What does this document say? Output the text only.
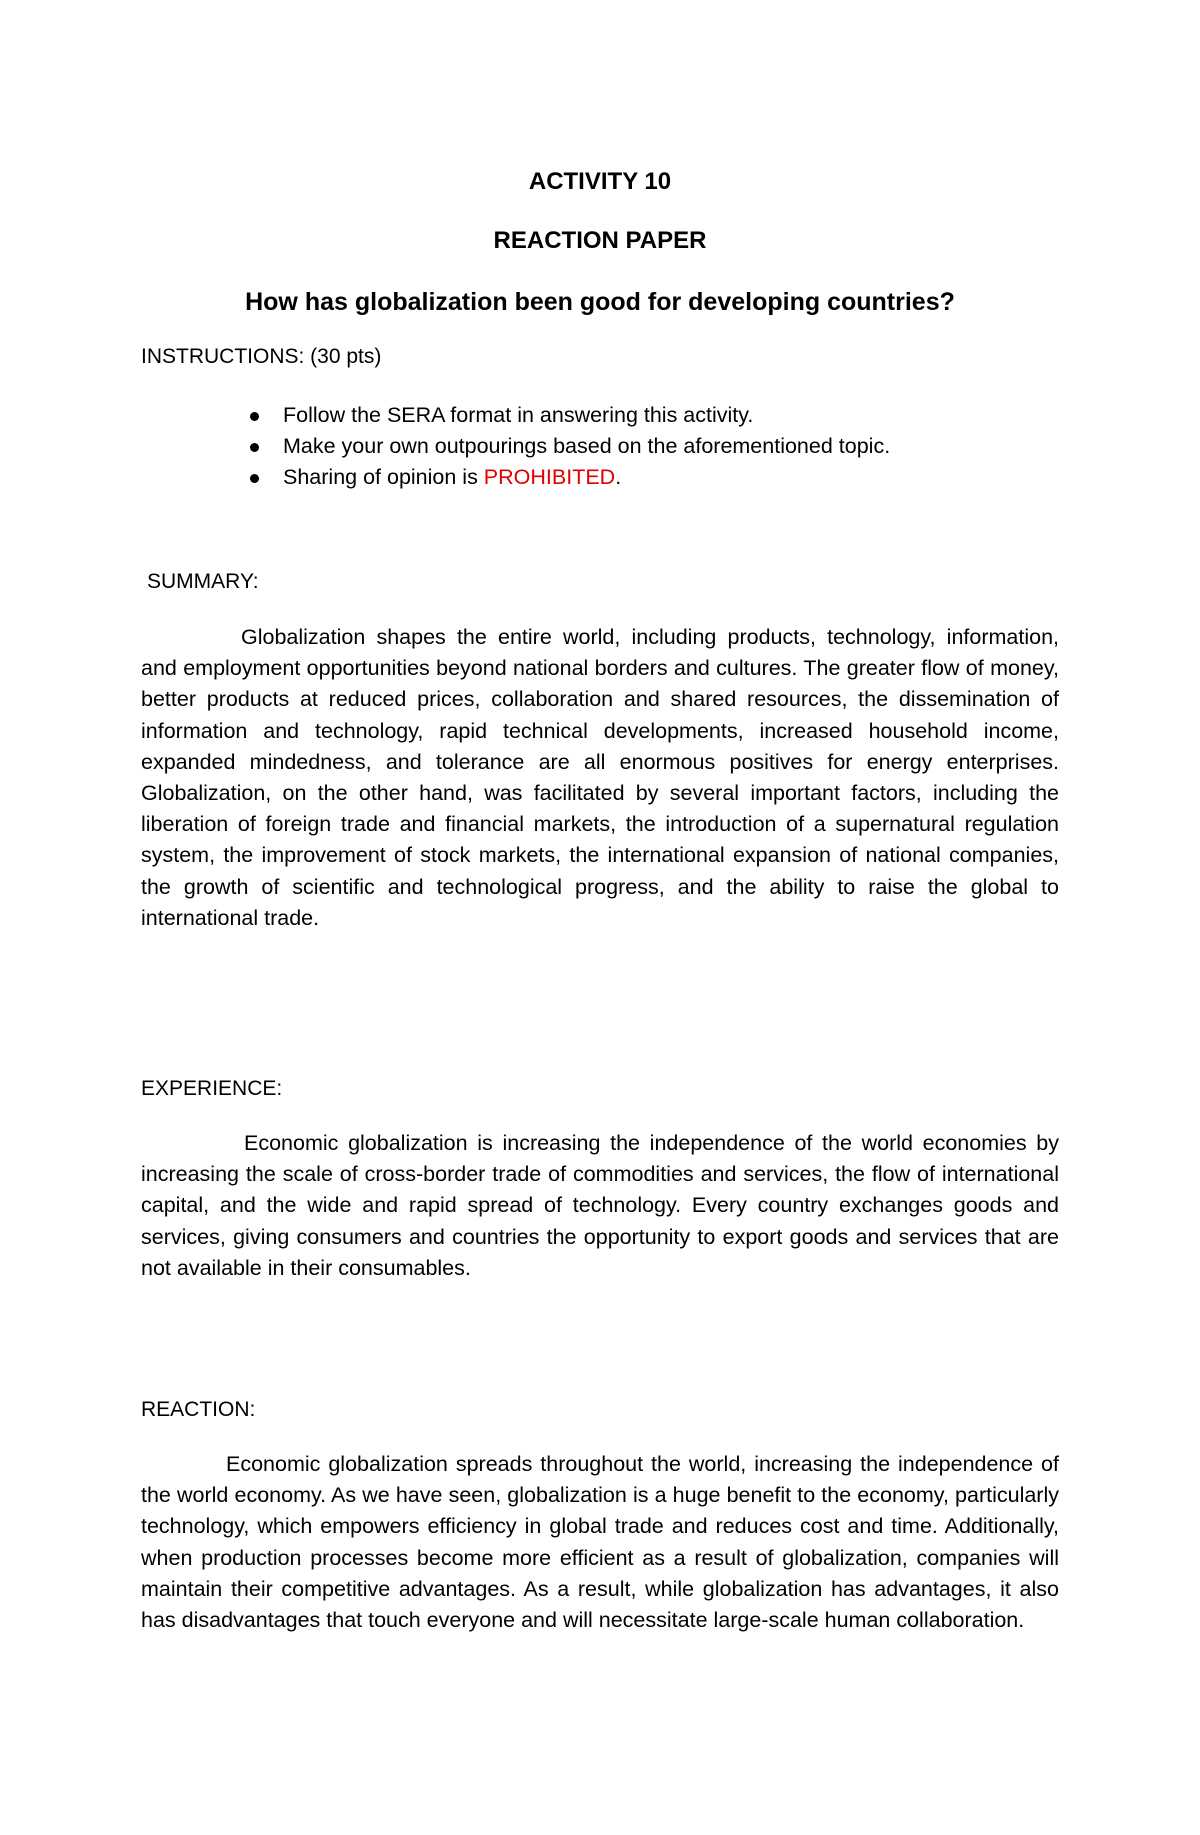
ACTIVITY 10
REACTION PAPER
How has globalization been good for developing countries?

INSTRUCTIONS: (30 pts)

Follow the SERA format in answering this activity.
Make your own outpourings based on the aforementioned topic.
Sharing of opinion is PROHIBITED.

SUMMARY:

Globalization shapes the entire world, including products, technology, information, and employment opportunities beyond national borders and cultures. The greater flow of money, better products at reduced prices, collaboration and shared resources, the dissemination of information and technology, rapid technical developments, increased household income, expanded mindedness, and tolerance are all enormous positives for energy enterprises. Globalization, on the other hand, was facilitated by several important factors, including the liberation of foreign trade and financial markets, the introduction of a supernatural regulation system, the improvement of stock markets, the international expansion of national companies, the growth of scientific and technological progress, and the ability to raise the global to international trade.

EXPERIENCE:

Economic globalization is increasing the independence of the world economies by increasing the scale of cross-border trade of commodities and services, the flow of international capital, and the wide and rapid spread of technology. Every country exchanges goods and services, giving consumers and countries the opportunity to export goods and services that are not available in their consumables.

REACTION:

Economic globalization spreads throughout the world, increasing the independence of the world economy. As we have seen, globalization is a huge benefit to the economy, particularly technology, which empowers efficiency in global trade and reduces cost and time. Additionally, when production processes become more efficient as a result of globalization, companies will maintain their competitive advantages. As a result, while globalization has advantages, it also has disadvantages that touch everyone and will necessitate large-scale human collaboration.
